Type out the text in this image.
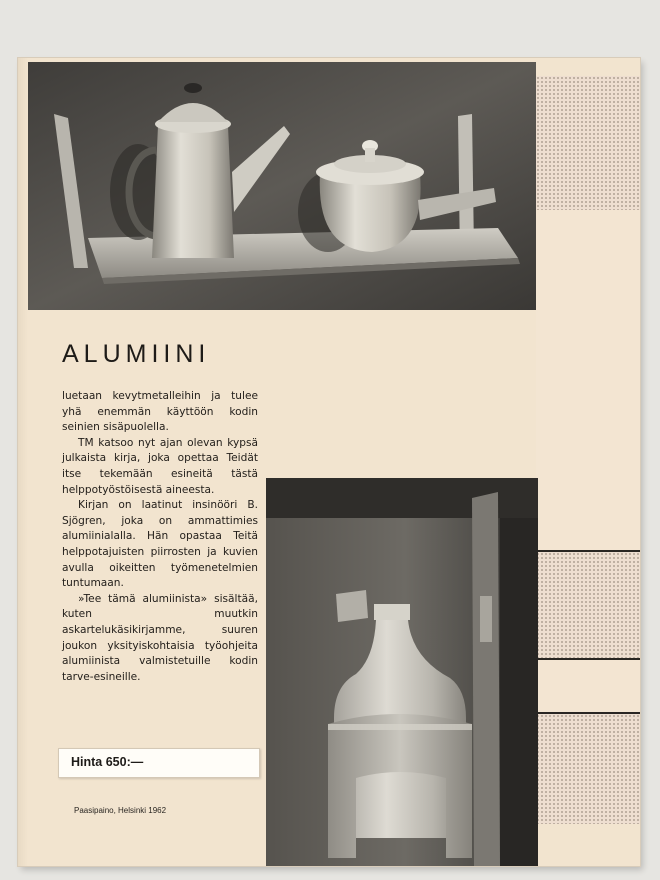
ALUMIINI

luetaan kevytmetalleihin ja tulee yhä enemmän käyttöön kodin seinien sisäpuolella.

TM katsoo nyt ajan olevan kypsä julkaista kirja, joka opettaa Teidät itse tekemään esineitä tästä helppotyöstöisestä aineesta.

Kirjan on laatinut insinööri B. Sjögren, joka on ammattimies alumiinialalla. Hän opastaa Teitä helppotajuisten piirrosten ja kuvien avulla oikeitten työmenetelmien tuntumaan.

»Tee tämä alumiinista» sisältää, kuten muutkin askartelukäsikirjamme, suuren joukon yksityiskohtaisia työohjeita alumiinista valmistetuille kodin tarve-esineille.

Hinta 650:—
Paasipaino, Helsinki 1962
